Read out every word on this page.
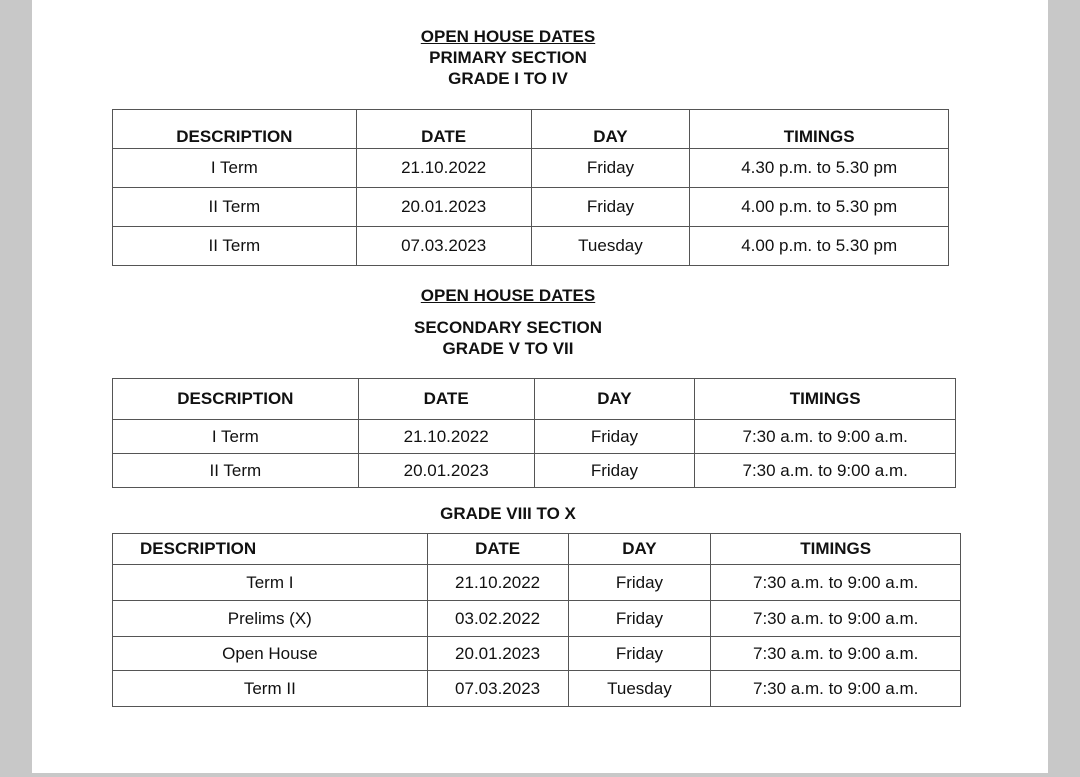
OPEN HOUSE DATES
PRIMARY SECTION
GRADE I TO IV
DESCRIPTION	DATE	DAY	TIMINGS
I Term	21.10.2022	Friday	4.30 p.m. to 5.30 pm
II Term	20.01.2023	Friday	4.00 p.m. to 5.30 pm
II Term	07.03.2023	Tuesday	4.00 p.m. to 5.30 pm
OPEN HOUSE DATES
SECONDARY SECTION
GRADE V TO VII
DESCRIPTION	DATE	DAY	TIMINGS
I Term	21.10.2022	Friday	7:30 a.m. to 9:00 a.m.
II Term	20.01.2023	Friday	7:30 a.m. to 9:00 a.m.
GRADE VIII TO X
DESCRIPTION	DATE	DAY	TIMINGS
Term I	21.10.2022	Friday	7:30 a.m. to 9:00 a.m.
Prelims (X)	03.02.2022	Friday	7:30 a.m. to 9:00 a.m.
Open House	20.01.2023	Friday	7:30 a.m. to 9:00 a.m.
Term II	07.03.2023	Tuesday	7:30 a.m. to 9:00 a.m.
